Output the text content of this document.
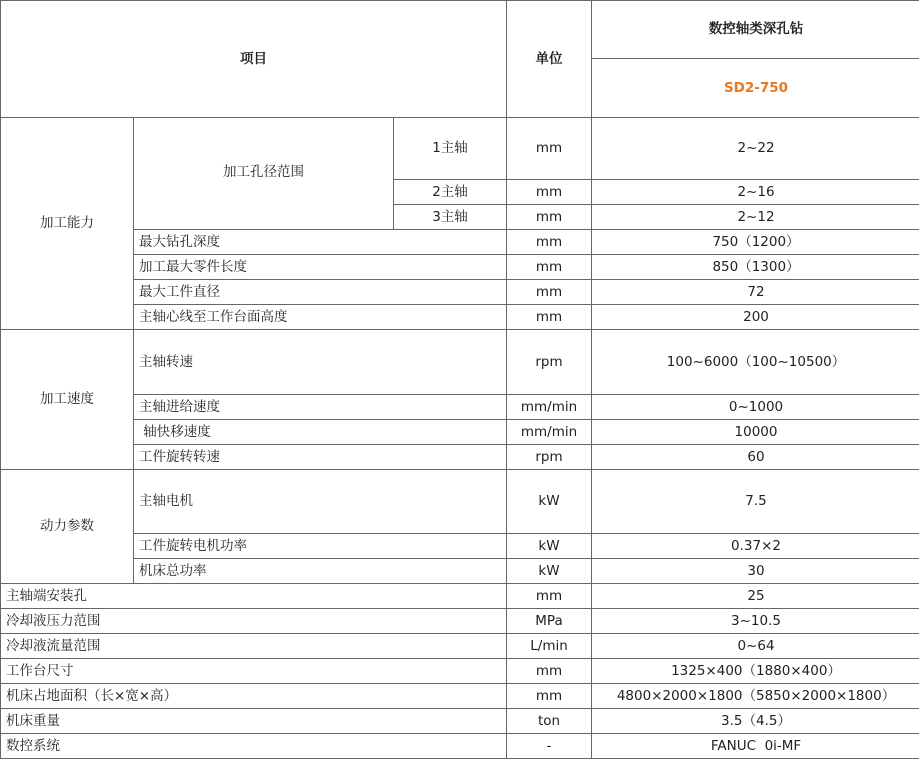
项目			单位	数控轴类深孔钻
				SD2-750
加工能力	加工孔径范围	1主轴	mm	2~22
		2主轴	mm	2~16
		3主轴	mm	2~12
	最大钻孔深度		mm	750（1200）
	加工最大零件长度		mm	850（1300）
	最大工件直径		mm	72
	主轴心线至工作台面高度		mm	200
加工速度	主轴转速		rpm	100~6000（100~10500）
	主轴进给速度		mm/min	0~1000
	轴快移速度		mm/min	10000
	工件旋转转速		rpm	60
动力参数	主轴电机		kW	7.5
	工件旋转电机功率		kW	0.37×2
	机床总功率		kW	30
主轴端安装孔			mm	25
冷却液压力范围			MPa	3~10.5
冷却液流量范围			L/min	0~64
工作台尺寸			mm	1325×400（1880×400）
机床占地面积（长×宽×高）			mm	4800×2000×1800（5850×2000×1800）
机床重量			ton	3.5（4.5）
数控系统			-	FANUC  0i-MF
